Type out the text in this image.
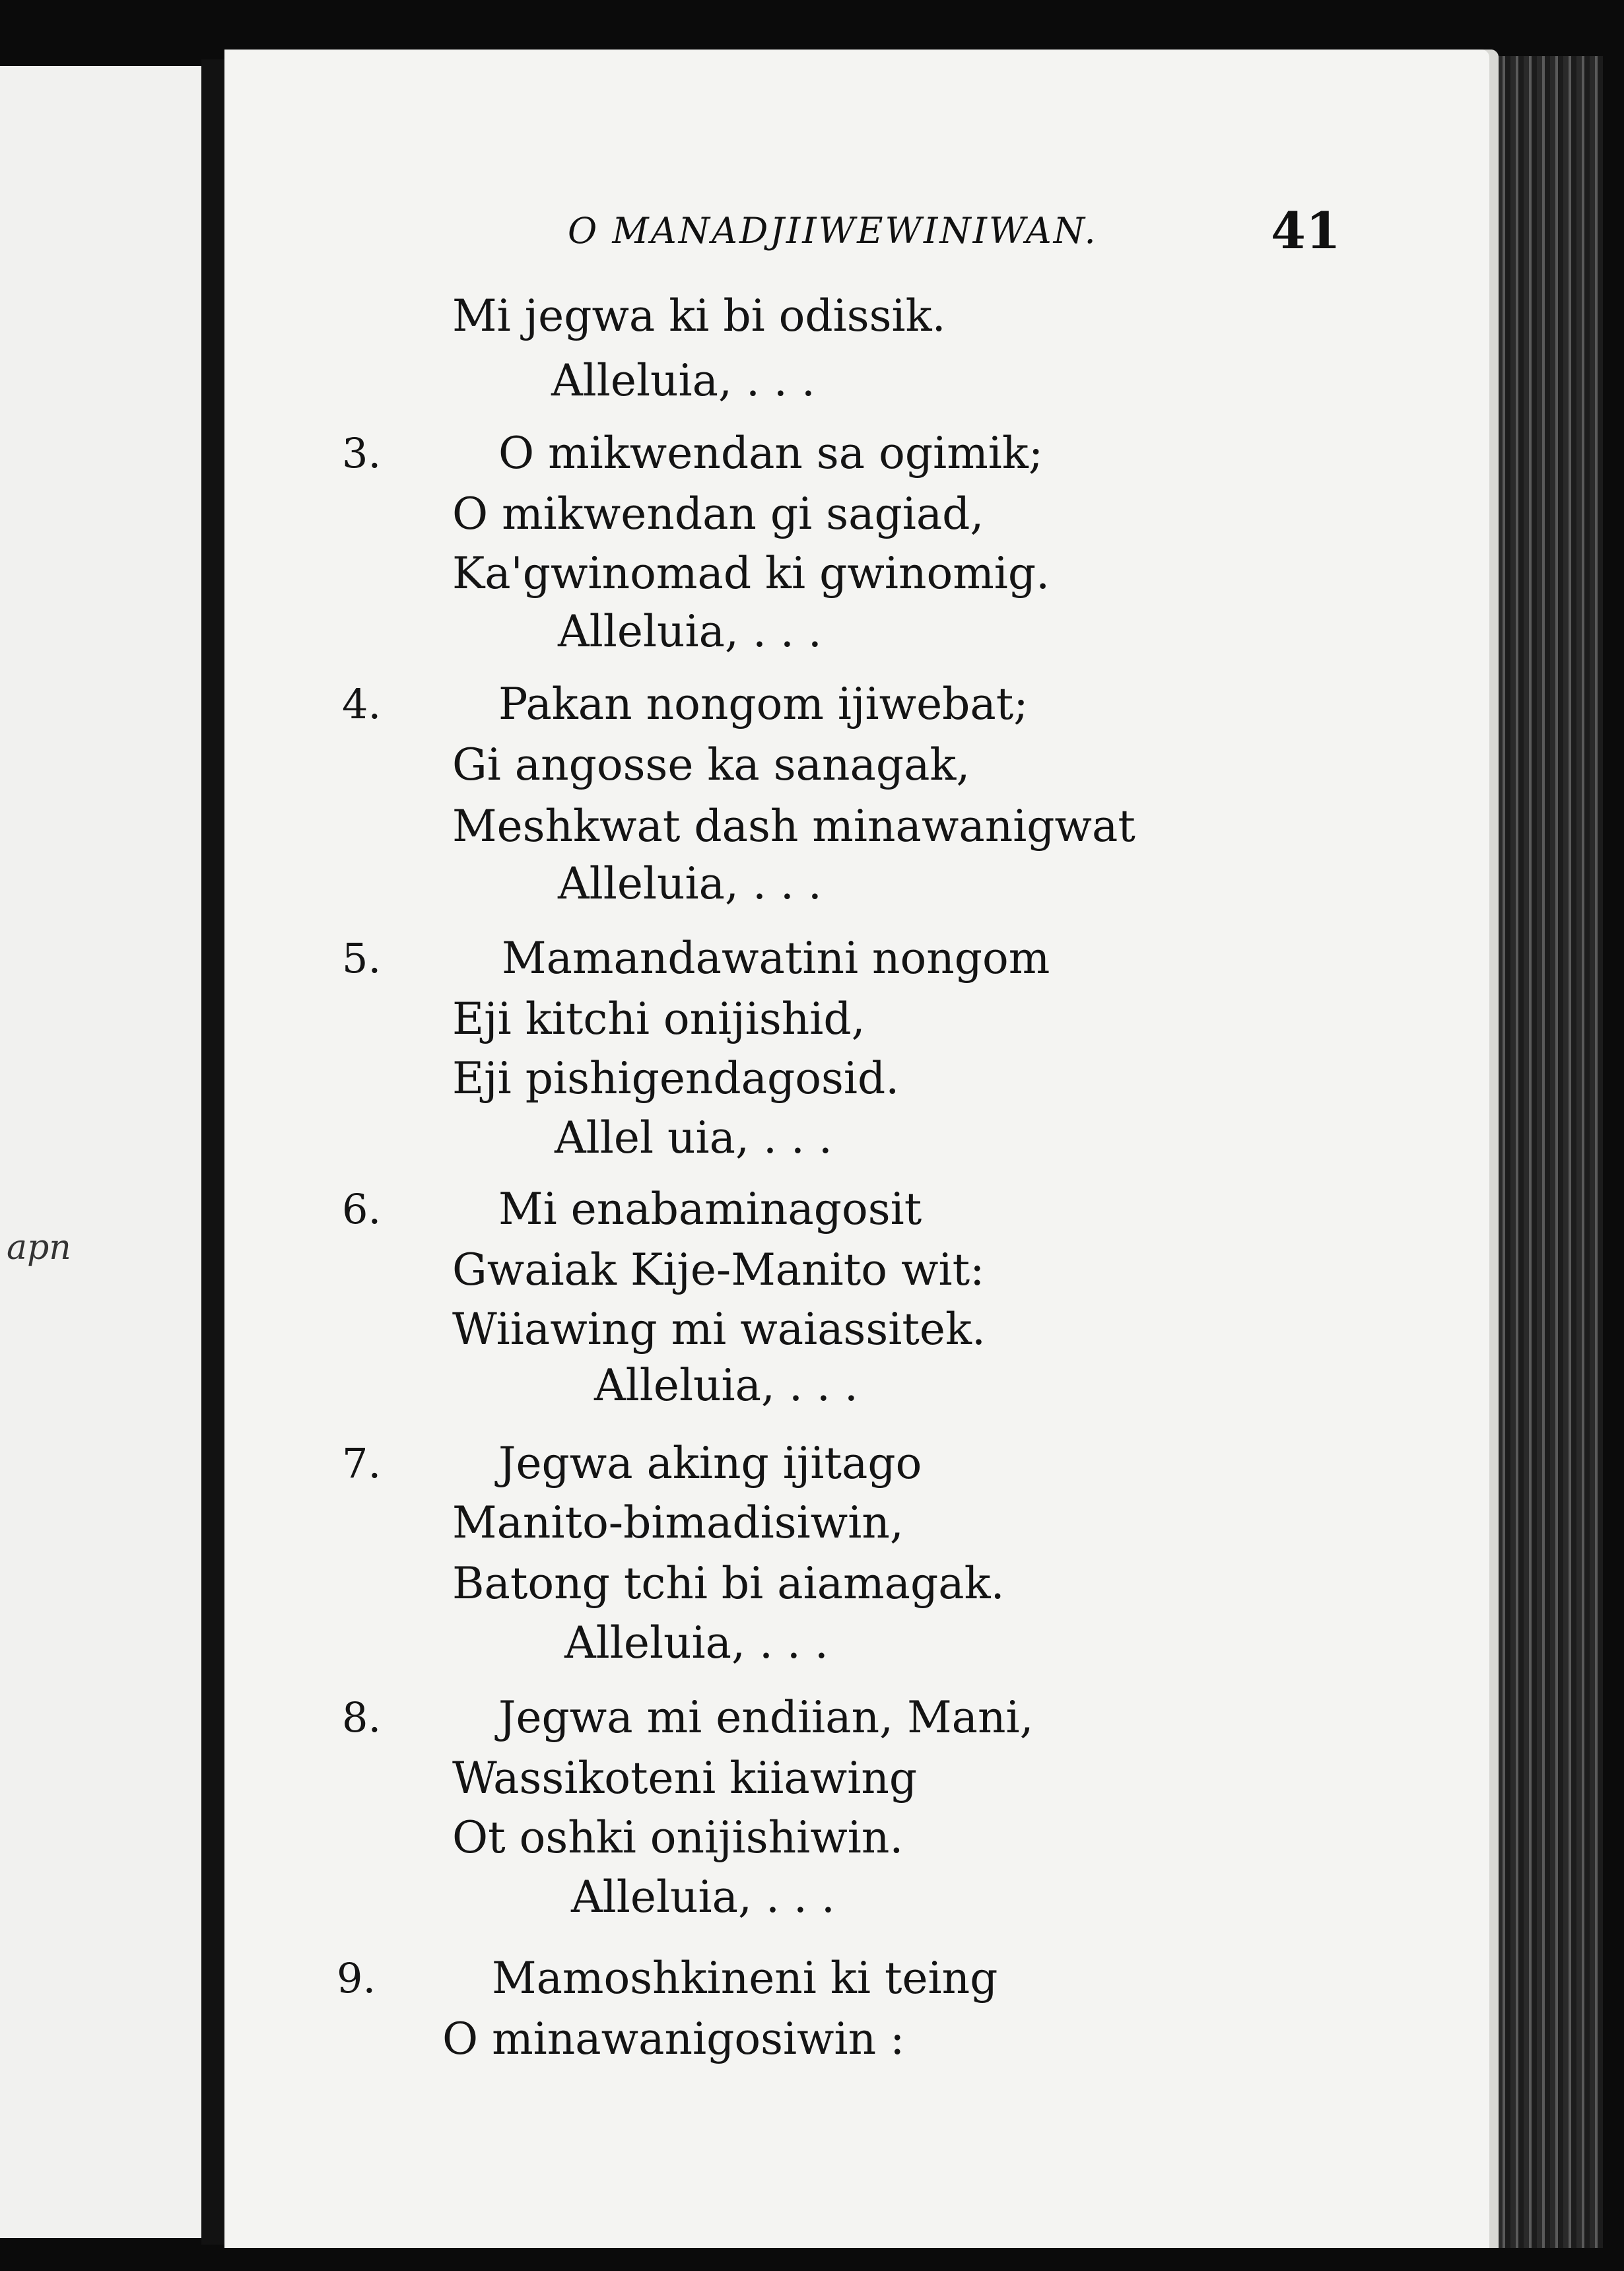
apn
O MANADJIIWEWINIWAN.	41
Mi jegwa ki bi odissik.
Alleluia, . . .
3.	O mikwendan sa ogimik;
O mikwendan gi sagiad,
Ka'gwinomad ki gwinomig.
Alleluia, . . .
4.	Pakan nongom ijiwebat;
Gi angosse ka sanagak,
Meshkwat dash minawanigwat
Alleluia, . . .
5.	Mamandawatini nongom
Eji kitchi onijishid,
Eji pishigendagosid.
Allel uia, . . .
6.	Mi enabaminagosit
Gwaiak Kije-Manito wit:
Wiiawing mi waiassitek.
Alleluia, . . .
7.	Jegwa aking ijitago
Manito-bimadisiwin,
Batong tchi bi aiamagak.
Alleluia, . . .
8.	Jegwa mi endiian, Mani,
Wassikoteni kiiawing
Ot oshki onijishiwin.
Alleluia, . . .
9.	Mamoshkineni ki teing
O minawanigosiwin :
